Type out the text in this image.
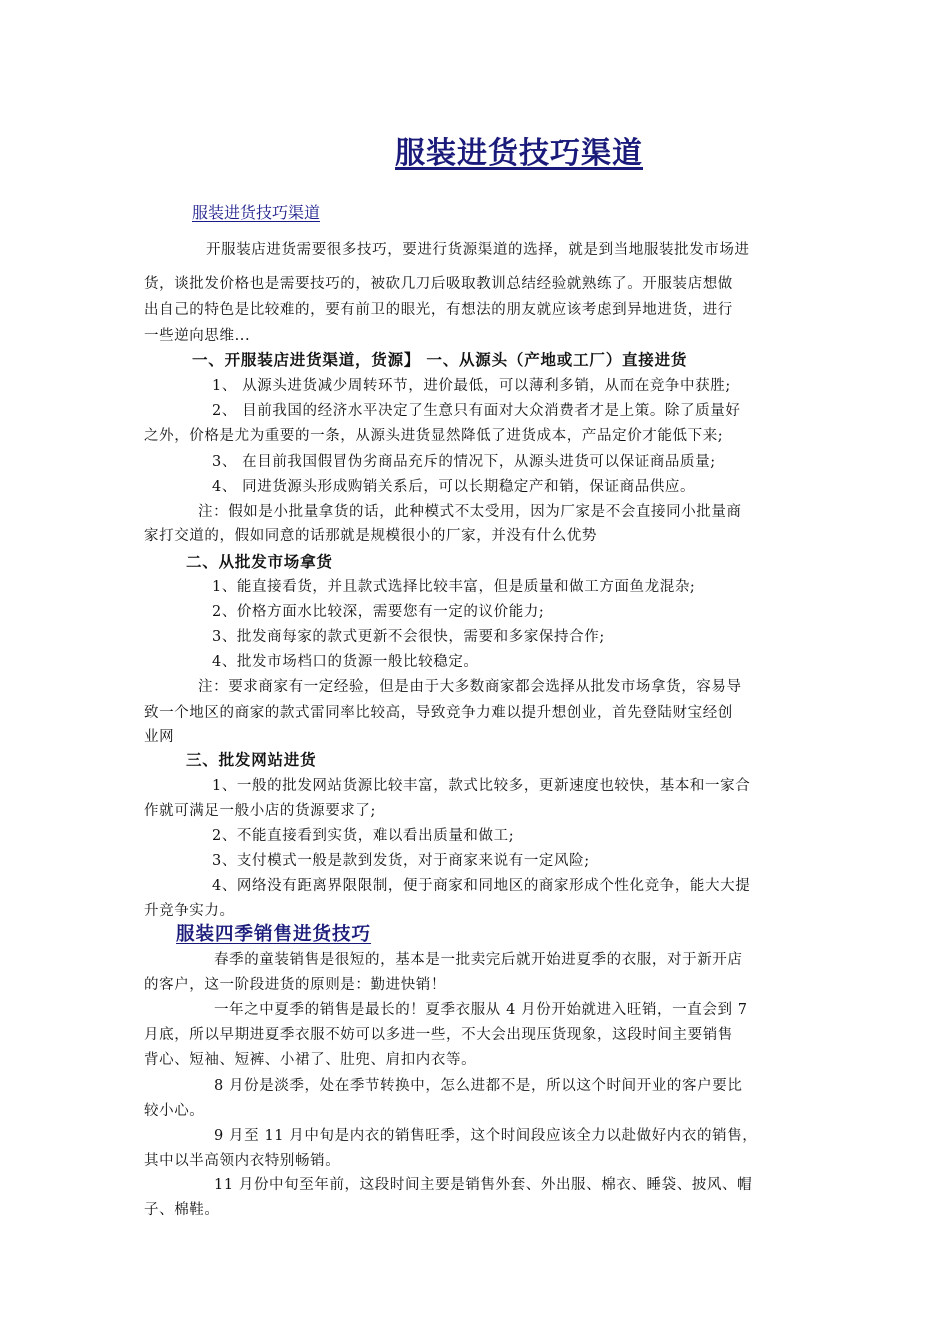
服装进货技巧渠道
服装进货技巧渠道
服装四季销售进货技巧
开服装店进货需要很多技巧，要进行货源渠道的选择，就是到当地服装批发市场进
货，谈批发价格也是需要技巧的，被砍几刀后吸取教训总结经验就熟练了。开服装店想做
出自己的特色是比较难的，要有前卫的眼光，有想法的朋友就应该考虑到异地进货，进行
一些逆向思维...
一、开服装店进货渠道，货源】 一、从源头（产地或工厂）直接进货
1、 从源头进货减少周转环节，进价最低，可以薄利多销，从而在竞争中获胜;
2、 目前我国的经济水平决定了生意只有面对大众消费者才是上策。除了质量好
之外，价格是尤为重要的一条，从源头进货显然降低了进货成本，产品定价才能低下来;
3、 在目前我国假冒伪劣商品充斥的情况下，从源头进货可以保证商品质量;
4、 同进货源头形成购销关系后，可以长期稳定产和销，保证商品供应。
注：假如是小批量拿货的话，此种模式不太受用，因为厂家是不会直接同小批量商
家打交道的，假如同意的话那就是规模很小的厂家，并没有什么优势
二、从批发市场拿货
1、能直接看货，并且款式选择比较丰富，但是质量和做工方面鱼龙混杂;
2、价格方面水比较深，需要您有一定的议价能力;
3、批发商每家的款式更新不会很快，需要和多家保持合作;
4、批发市场档口的货源一般比较稳定。
注：要求商家有一定经验，但是由于大多数商家都会选择从批发市场拿货，容易导
致一个地区的商家的款式雷同率比较高，导致竞争力难以提升想创业，首先登陆财宝经创
业网
三、批发网站进货
1、一般的批发网站货源比较丰富，款式比较多，更新速度也较快，基本和一家合
作就可满足一般小店的货源要求了;
2、不能直接看到实货，难以看出质量和做工;
3、支付模式一般是款到发货，对于商家来说有一定风险;
4、网络没有距离界限限制，便于商家和同地区的商家形成个性化竞争，能大大提
升竞争实力。
春季的童装销售是很短的，基本是一批卖完后就开始进夏季的衣服，对于新开店
的客户，这一阶段进货的原则是：勤进快销！
一年之中夏季的销售是最长的！夏季衣服从 4 月份开始就进入旺销，一直会到 7
月底，所以早期进夏季衣服不妨可以多进一些，不大会出现压货现象，这段时间主要销售
背心、短袖、短裤、小裙了、肚兜、肩扣内衣等。
8 月份是淡季，处在季节转换中，怎么进都不是，所以这个时间开业的客户要比
较小心。
9 月至 11 月中旬是内衣的销售旺季，这个时间段应该全力以赴做好内衣的销售，
其中以半高领内衣特别畅销。
11 月份中旬至年前，这段时间主要是销售外套、外出服、棉衣、睡袋、披风、帽
子、棉鞋。
